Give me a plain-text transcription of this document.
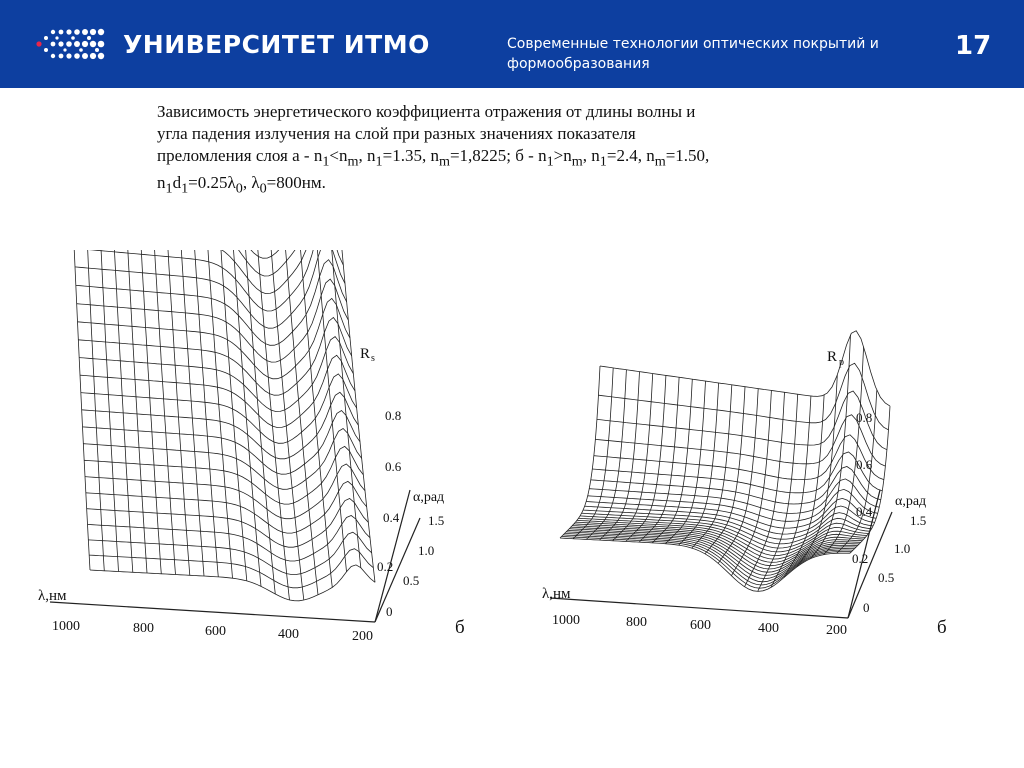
УНИВЕРСИТЕТ ИТМО	Современные технологии оптических покрытий и
формообразования
17
Зависимость энергетического коэффициента отражения от длины волны и
угла падения излучения на слой при разных значениях показателя
преломления слоя $а - n_1<n_m$, $n_1=1.35$, $n_m=1,8225$; $б - n_1>n_m$, $n_1=2.4$, $n_m=1.50$,
$n_1d_1=0.25\lambda_0$, $\lambda_0=800нм$.
λ,нм
1000	800	600	400	200
R s
0.8
0.6
0.4
0.2
α,рад
1.5
1.0
0.5
0
б
λ,нм
1000	800	600	400	200
R p
0.8
0.6
0.4
0.2
α,рад
1.5
1.0
0.5
0
б
